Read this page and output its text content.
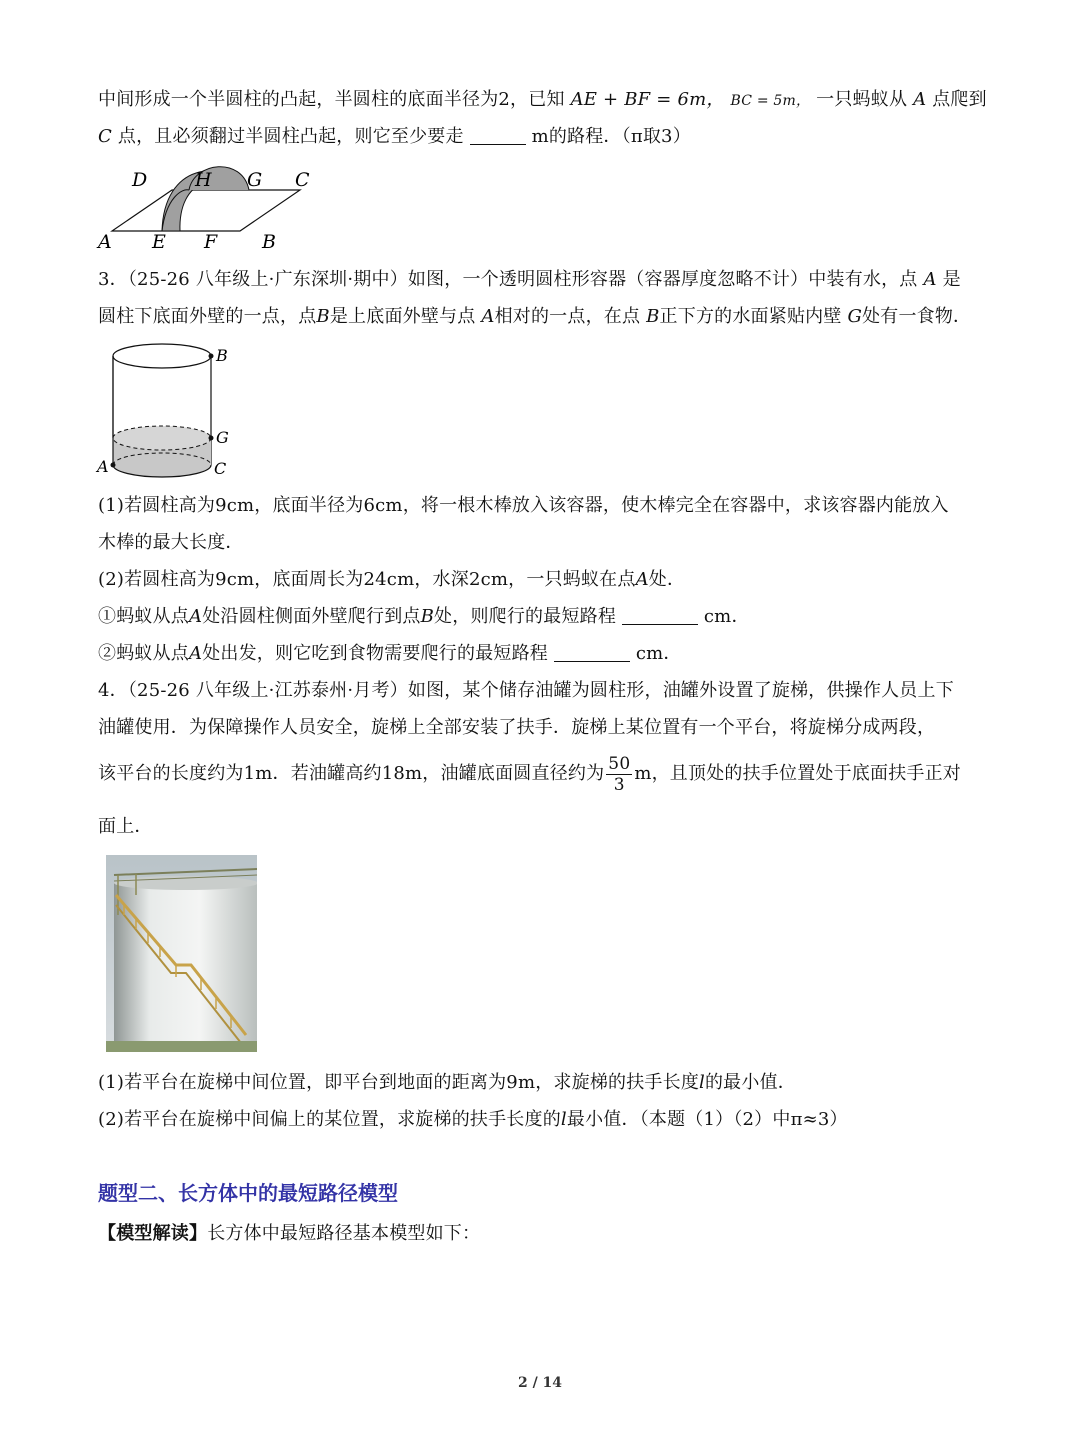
中间形成一个半圆柱的凸起，半圆柱的底面半径为2，已知 AE + BF = 6m， BC = 5m， 一只蚂蚁从 A 点爬到
C 点，且必须翻过半圆柱凸起，则它至少要走	m的路程．（π取3）
D	H G C
A E F B
3．（25-26 八年级上·广东深圳·期中）如图，一个透明圆柱形容器（容器厚度忽略不计）中装有水，点 A 是
圆柱下底面外壁的一点，点B是上底面外壁与点 A相对的一点，在点 B正下方的水面紧贴内壁 G处有一食物．
B
G
A	C
(1)若圆柱高为9cm，底面半径为6cm，将一根木棒放入该容器，使木棒完全在容器中，求该容器内能放入
木棒的最大长度．
(2)若圆柱高为9cm，底面周长为24cm，水深2cm，一只蚂蚁在点A处．
①蚂蚁从点A处沿圆柱侧面外壁爬行到点B处，则爬行的最短路程	cm．
②蚂蚁从点A处出发，则它吃到食物需要爬行的最短路程	cm．
4．（25-26 八年级上·江苏泰州·月考）如图，某个储存油罐为圆柱形，油罐外设置了旋梯，供操作人员上下
油罐使用．为保障操作人员安全，旋梯上全部安装了扶手．旋梯上某位置有一个平台，将旋梯分成两段，
该平台的长度约为1m．若油罐高约18m，油罐底面圆直径约为 $\frac{50}{3}$ m，且顶处的扶手位置处于底面扶手正对
面上．
(1)若平台在旋梯中间位置，即平台到地面的距离为9m，求旋梯的扶手长度l的最小值．
(2)若平台在旋梯中间偏上的某位置，求旋梯的扶手长度的l最小值．（本题（1）（2）中π≈3）
题型二、长方体中的最短路径模型
【模型解读】长方体中最短路径基本模型如下：
2 / 14
